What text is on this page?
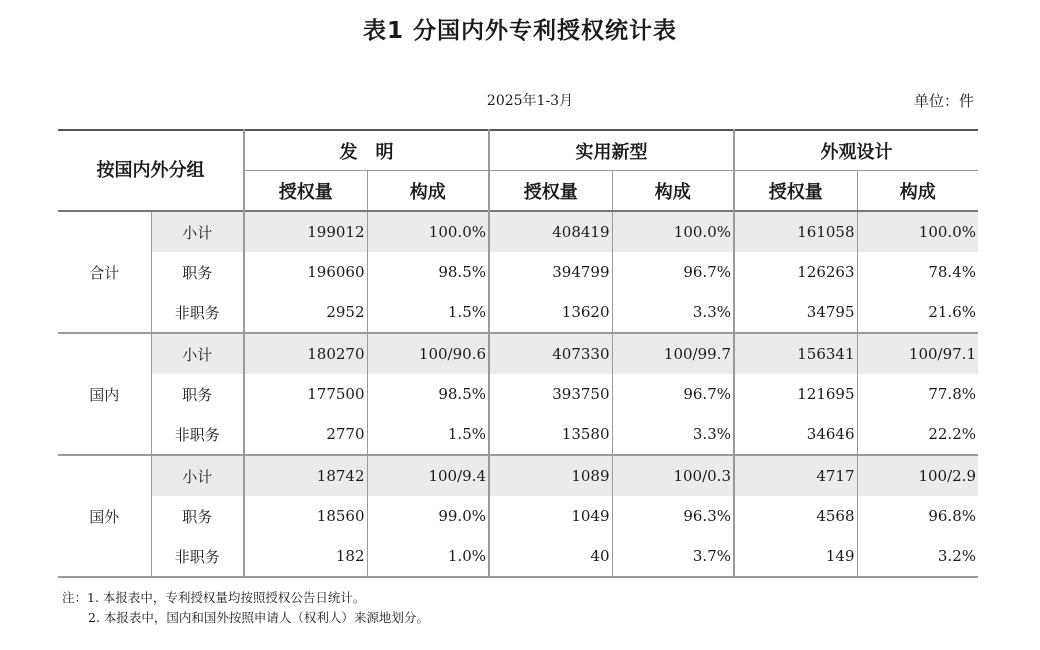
表1 分国内外专利授权统计表
2025年1-3月	单位：件
按国内外分组		发　明		实用新型		外观设计	
		授权量	构成	授权量	构成	授权量	构成
合计	小计	199012	100.0%	408419	100.0%	161058	100.0%
	职务	196060	98.5%	394799	96.7%	126263	78.4%
	非职务	2952	1.5%	13620	3.3%	34795	21.6%
国内	小计	180270	100/90.6	407330	100/99.7	156341	100/97.1
	职务	177500	98.5%	393750	96.7%	121695	77.8%
	非职务	2770	1.5%	13580	3.3%	34646	22.2%
国外	小计	18742	100/9.4	1089	100/0.3	4717	100/2.9
	职务	18560	99.0%	1049	96.3%	4568	96.8%
	非职务	182	1.0%	40	3.7%	149	3.2%
注：1. 本报表中，专利授权量均按照授权公告日统计。
2. 本报表中，国内和国外按照申请人（权利人）来源地划分。
